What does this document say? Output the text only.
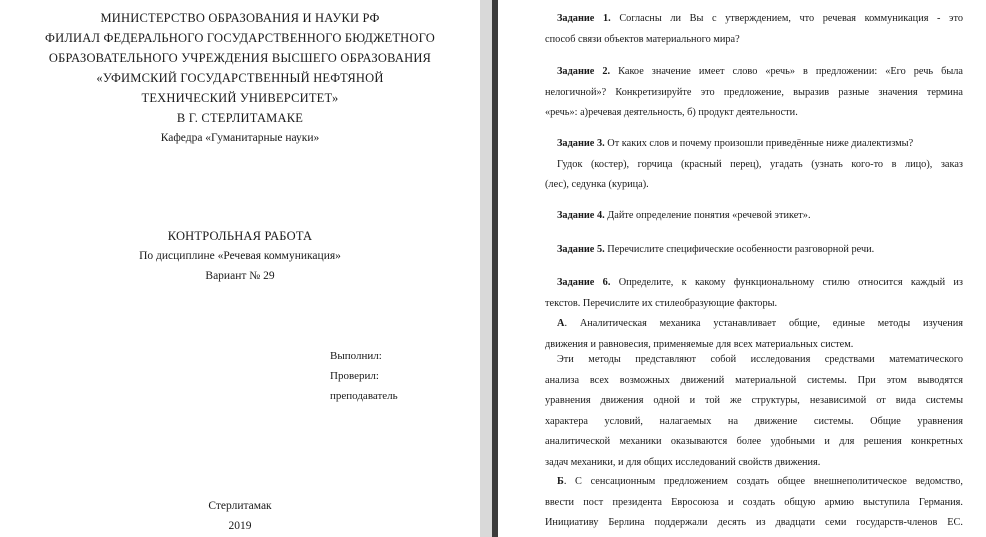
МИНИСТЕРСТВО ОБРАЗОВАНИЯ И НАУКИ РФ
ФИЛИАЛ ФЕДЕРАЛЬНОГО ГОСУДАРСТВЕННОГО БЮДЖЕТНОГО
ОБРАЗОВАТЕЛЬНОГО УЧРЕЖДЕНИЯ ВЫСШЕГО ОБРАЗОВАНИЯ
«УФИМСКИЙ ГОСУДАРСТВЕННЫЙ НЕФТЯНОЙ
ТЕХНИЧЕСКИЙ УНИВЕРСИТЕТ»
В Г. СТЕРЛИТАМАКЕ
Кафедра «Гуманитарные науки»
КОНТРОЛЬНАЯ РАБОТА
По дисциплине «Речевая коммуникация»
Вариант № 29
Выполнил:
Проверил:
преподаватель
Стерлитамак
2019
Задание 1. Согласны ли Вы с утверждением, что речевая коммуникация - это
способ связи объектов материального мира?
Задание 2. Какое значение имеет слово «речь» в предложении: «Его речь была
нелогичной»? Конкретизируйте это предложение, выразив разные значения термина
«речь»: а)речевая деятельность, б) продукт деятельности.
Задание 3. От каких слов и почему произошли приведённые ниже диалектизмы?
Гудок (костер), горчица (красный перец), угадать (узнать кого-то в лицо), заказ
(лес), седунка (курица).
Задание 4. Дайте определение понятия «речевой этикет».
Задание 5. Перечислите специфические особенности разговорной речи.
Задание 6. Определите, к какому функциональному стилю относится каждый из
текстов. Перечислите их стилеобразующие факторы.
А. Аналитическая механика устанавливает общие, единые методы изучения
движения и равновесия, применяемые для всех материальных систем.
Эти методы представляют собой исследования средствами математического
анализа всех возможных движений материальной системы. При этом выводятся
уравнения движения одной и той же структуры, независимой от вида системы
характера условий, налагаемых на движение системы. Общие уравнения
аналитической механики оказываются более удобными и для решения конкретных
задач механики, и для общих исследований свойств движения.
Б. С сенсационным предложением создать общее внешнеполитическое ведомство,
ввести пост президента Евросоюза и создать общую армию выступила Германия.
Инициативу Берлина поддержали десять из двадцати семи государств-членов ЕС.
